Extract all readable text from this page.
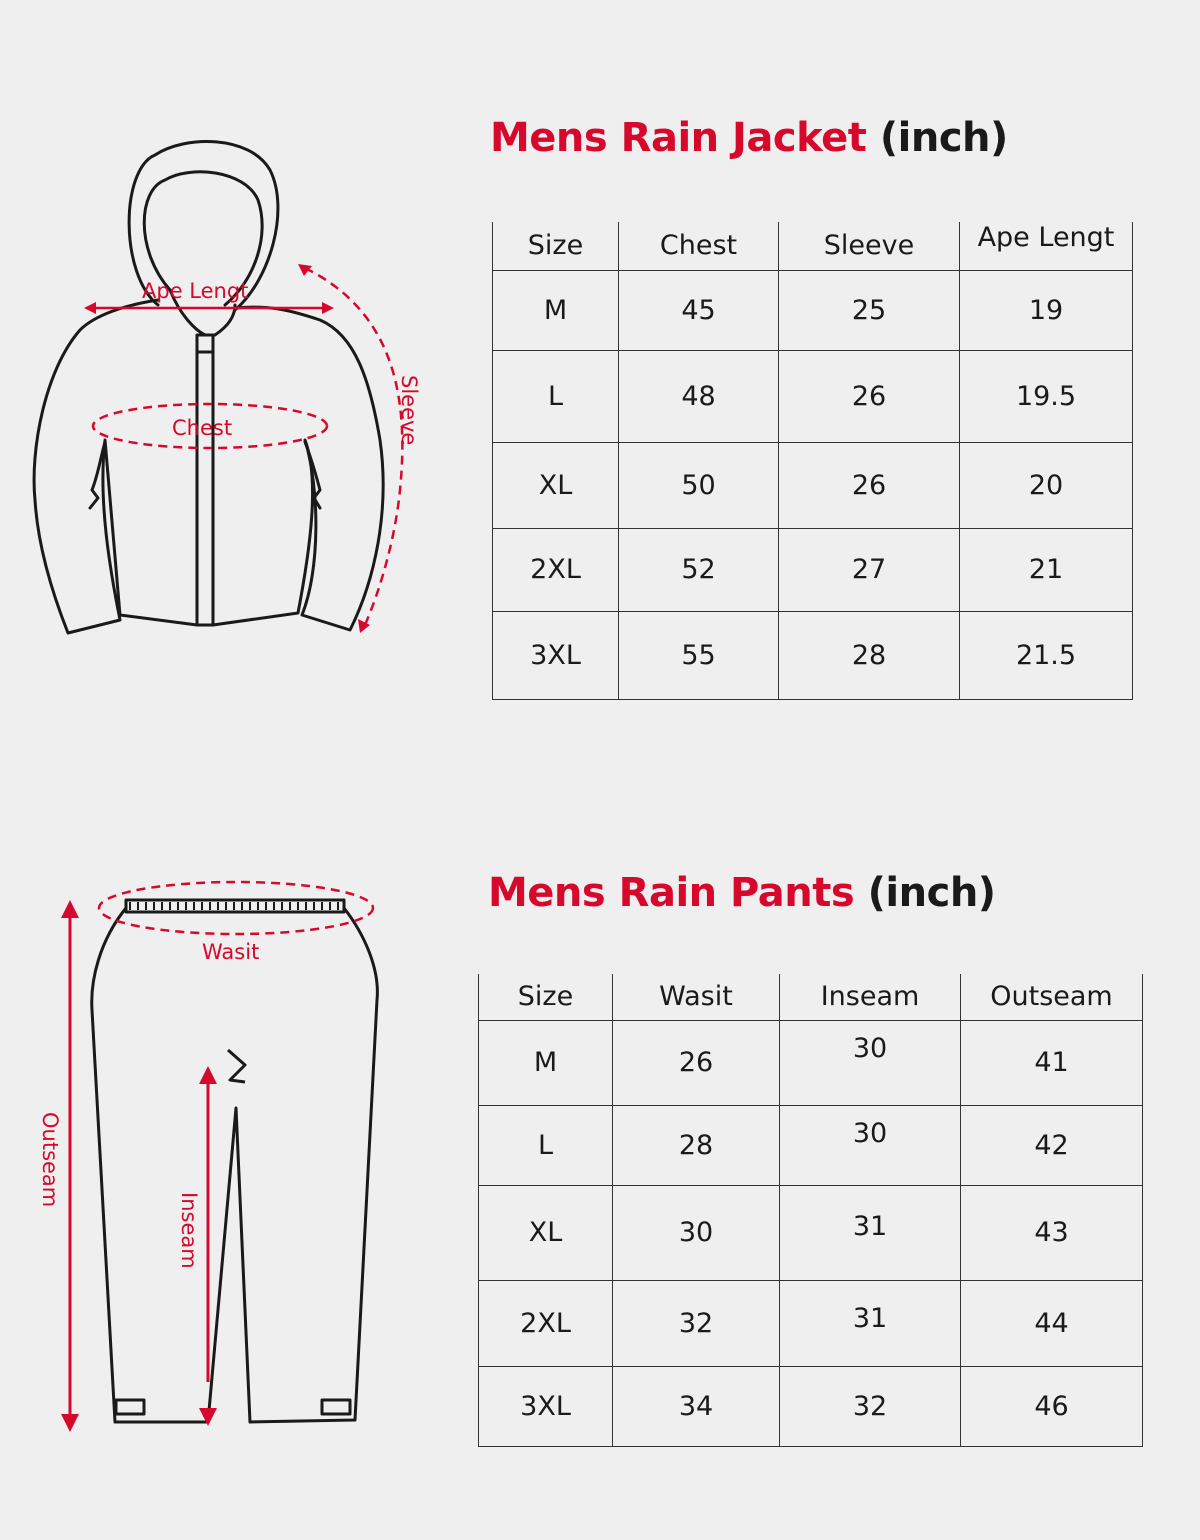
Mens Rain Jacket (inch)
Ape Lengt
Chest	Sleeve
Size	Chest	Sleeve	Ape Lengt
M	45	25	19
L	48	26	19.5
XL	50	26	20
2XL	52	27	21
3XL	55	28	21.5
Mens Rain Pants (inch)
Wasit
Outseam
Inseam
Size	Wasit	Inseam	Outseam
M	26	30	41
L	28	30	42
XL	30	31	43
2XL	32	31	44
3XL	34	32	46
